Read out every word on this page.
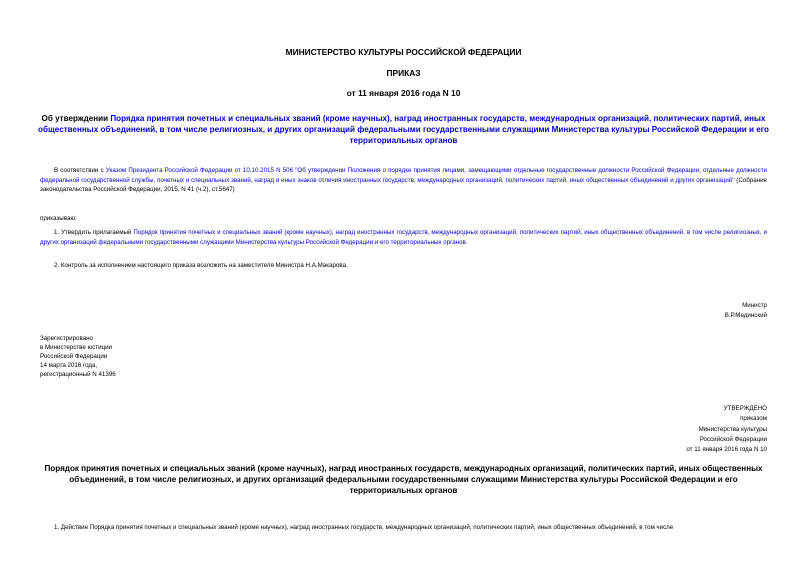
МИНИСТЕРСТВО КУЛЬТУРЫ РОССИЙСКОЙ ФЕДЕРАЦИИ
ПРИКАЗ
от 11 января 2016 года N 10
Об утверждении Порядка принятия почетных и специальных званий (кроме научных), наград иностранных государств, международных организаций, политических партий, иных общественных объединений, в том числе религиозных, и других организаций федеральными государственными служащими Министерства культуры Российской Федерации и его территориальных органов
В соответствии с Указом Президента Российской Федерации от 10.10.2015 N 506 "Об утверждении Положения о порядке принятия лицами, замещающими отдельные государственные должности Российской Федерации, отдельные должности федеральной государственной службы, почетных и специальных званий, наград и иных знаков отличия иностранных государств, международных организаций, политических партий, иных общественных объединений и других организаций" (Собрание законодательства Российской Федерации, 2015, N 41 (ч.2), ст.5647)
приказываю:
1. Утвердить прилагаемый Порядок принятия почетных и специальных званий (кроме научных), наград иностранных государств, международных организаций, политических партий, иных общественных объединений, в том числе религиозных, и других организаций федеральными государственными служащими Министерства культуры Российской Федерации и его территориальных органов.
2. Контроль за исполнением настоящего приказа возложить на заместителя Министра Н.А.Макарова.
Министр
В.Р.Мединский
Зарегистрировано
в Министерстве юстиции
Российской Федерации
14 марта 2016 года,
регистрационный N 41396
УТВЕРЖДЕНО
приказом
Министерства культуры
Российской Федерации
от 11 января 2016 года N 10
Порядок принятия почетных и специальных званий (кроме научных), наград иностранных государств, международных организаций, политических партий, иных общественных объединений, в том числе религиозных, и других организаций федеральными государственными служащими Министерства культуры Российской Федерации и его территориальных органов
1. Действие Порядка принятия почетных и специальных званий (кроме научных), наград иностранных государств, международных организаций, политических партий, иных общественных объединений, в том числе
